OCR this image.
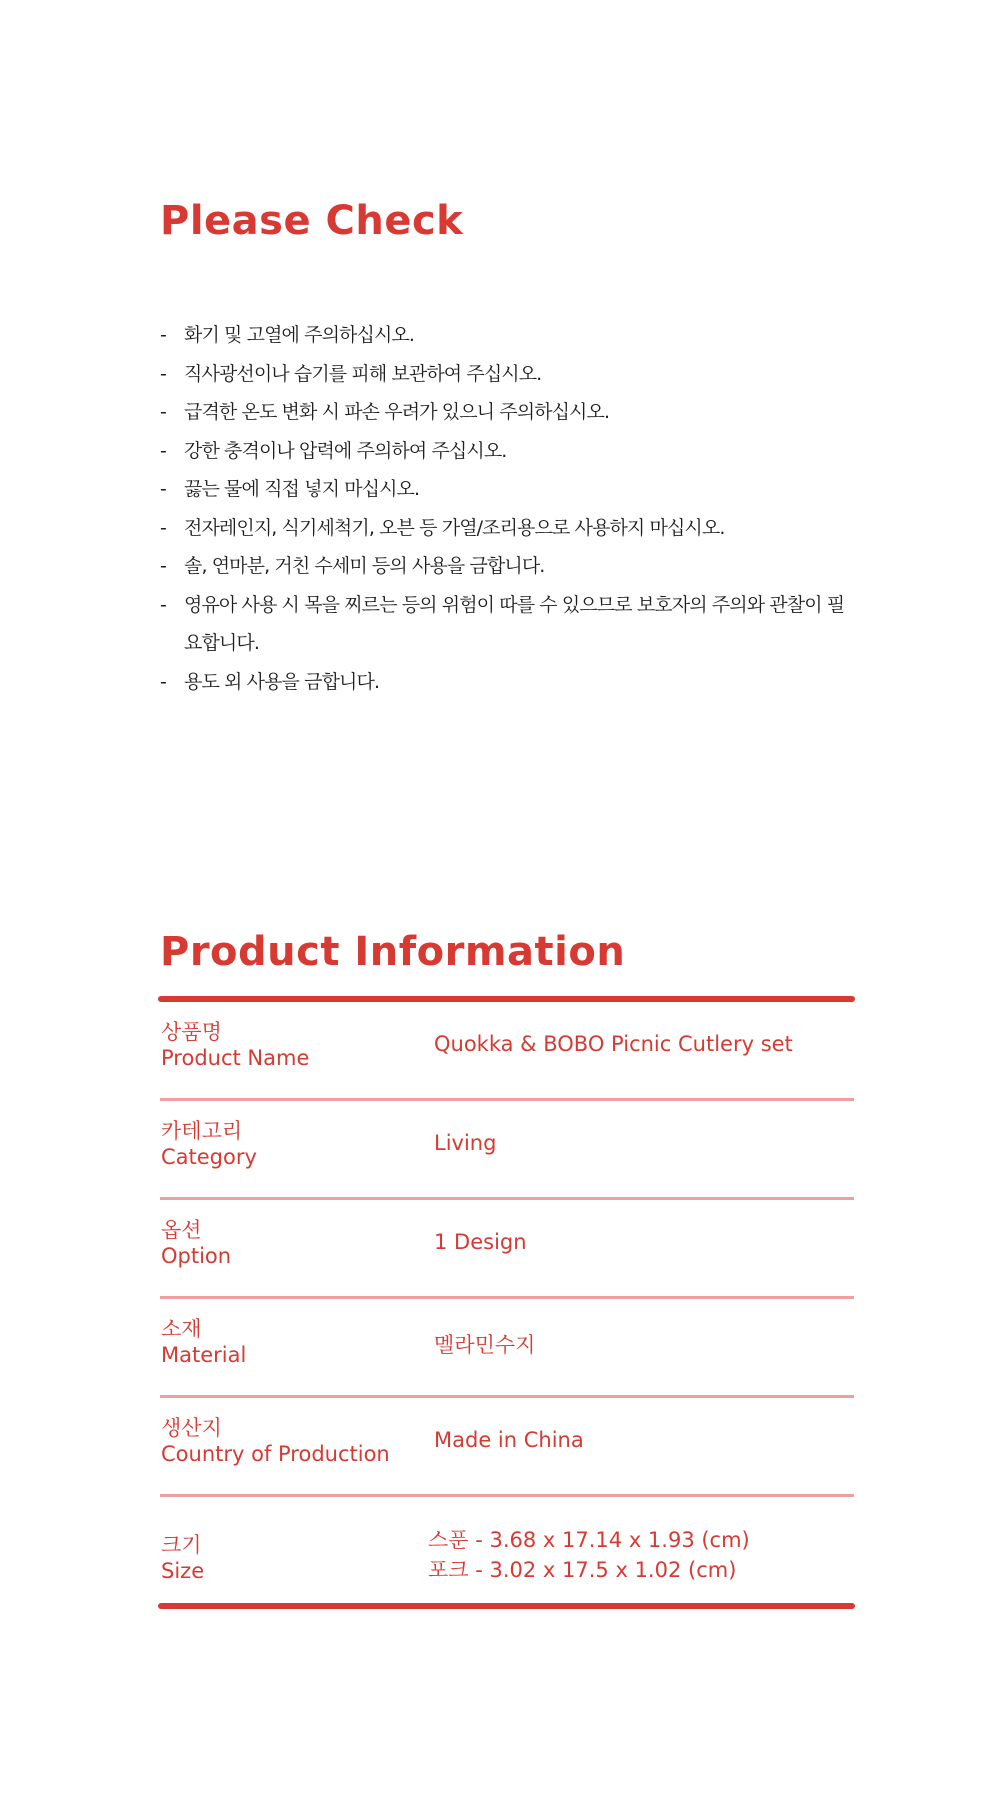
Please Check
- 화기 및 고열에 주의하십시오.
- 직사광선이나 습기를 피해 보관하여 주십시오.
- 급격한 온도 변화 시 파손 우려가 있으니 주의하십시오.
- 강한 충격이나 압력에 주의하여 주십시오.
- 끓는 물에 직접 넣지 마십시오.
- 전자레인지, 식기세척기, 오븐 등 가열/조리용으로 사용하지 마십시오.
- 솔, 연마분, 거친 수세미 등의 사용을 금합니다.
- 영유아 사용 시 목을 찌르는 등의 위험이 따를 수 있으므로 보호자의 주의와 관찰이 필요합니다.
- 용도 외 사용을 금합니다.
Product Information
상품명
Product Name
Quokka & BOBO Picnic Cutlery set
카테고리
Category
Living
옵션
Option
1 Design
소재
Material	멜라민수지
생산지
Country of Production
Made in China
크기
Size
스푼 - 3.68 x 17.14 x 1.93 (cm)
포크 - 3.02 x 17.5 x 1.02 (cm)
